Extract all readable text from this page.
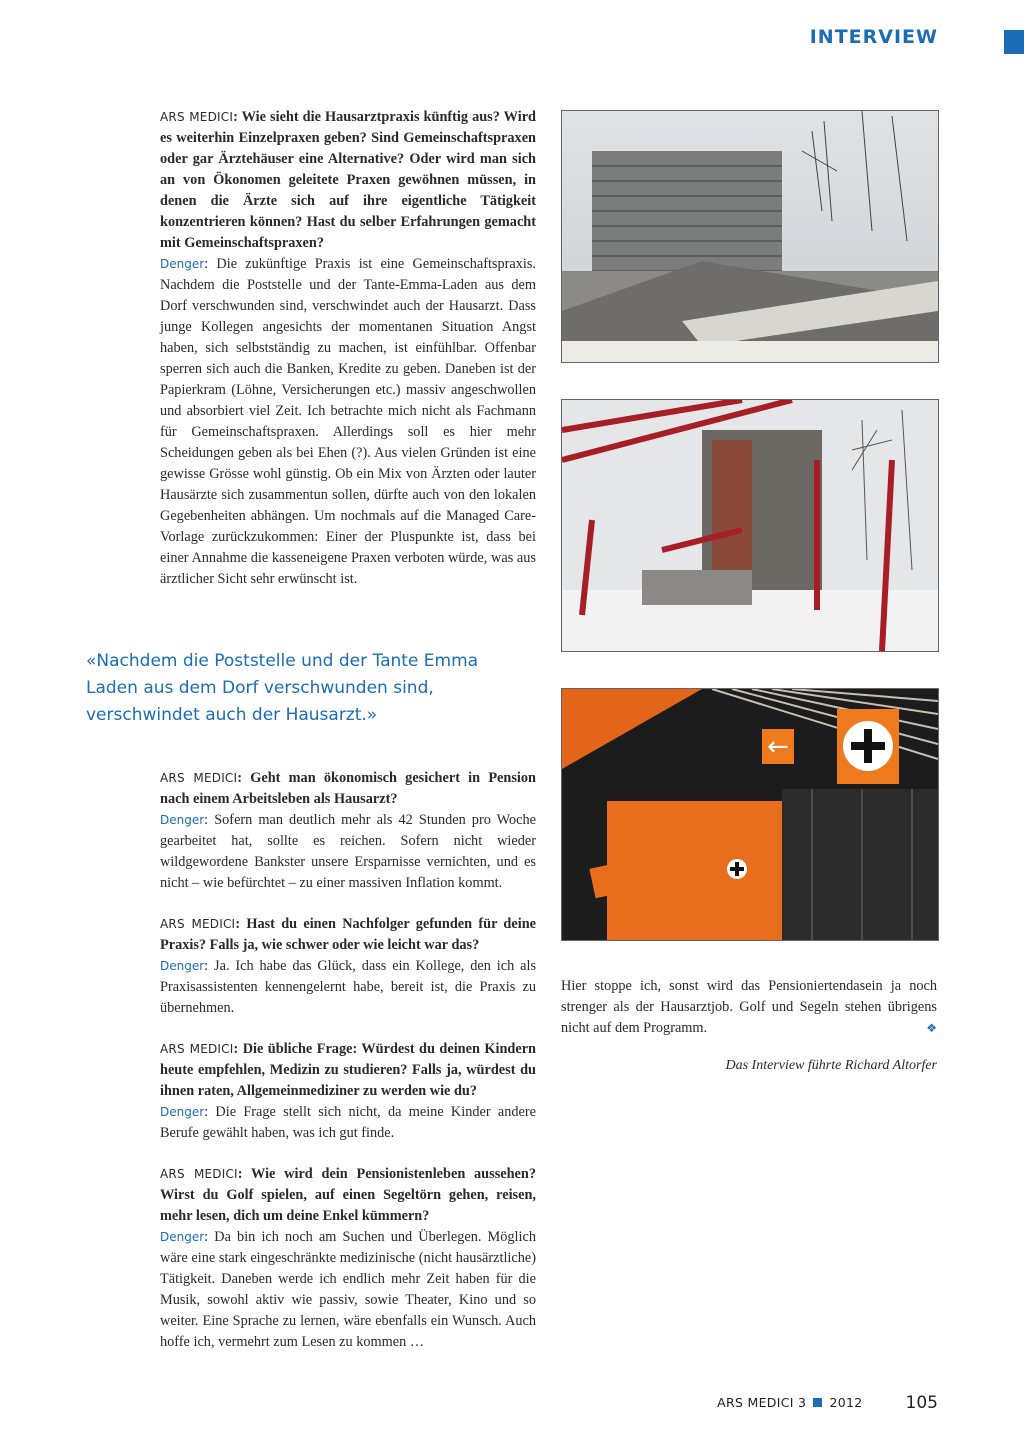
INTERVIEW

ARS MEDICI: Wie sieht die Hausarztpraxis künftig aus? Wird es weiterhin Einzelpraxen geben? Sind Gemeinschaftspraxen oder gar Ärztehäuser eine Alternative? Oder wird man sich an von Ökonomen geleitete Praxen gewöhnen müssen, in denen die Ärzte sich auf ihre eigentliche Tätigkeit konzentrieren können? Hast du selber Erfahrungen gemacht mit Gemeinschaftspraxen?
Denger: Die zukünftige Praxis ist eine Gemeinschaftspraxis. Nachdem die Poststelle und der Tante-Emma-Laden aus dem Dorf verschwunden sind, verschwindet auch der Hausarzt. Dass junge Kollegen angesichts der momentanen Situation Angst haben, sich selbstständig zu machen, ist einfühlbar. Offenbar sperren sich auch die Banken, Kredite zu geben. Daneben ist der Papierkram (Löhne, Versicherungen etc.) massiv angeschwollen und absorbiert viel Zeit. Ich betrachte mich nicht als Fachmann für Gemeinschaftspraxen. Allerdings soll es hier mehr Scheidungen geben als bei Ehen (?). Aus vielen Gründen ist eine gewisse Grösse wohl günstig. Ob ein Mix von Ärzten oder lauter Hausärzte sich zusammentun sollen, dürfte auch von den lokalen Gegebenheiten abhängen. Um nochmals auf die Managed Care-Vorlage zurückzukommen: Einer der Pluspunkte ist, dass bei einer Annahme die kasseneigene Praxen verboten würde, was aus ärztlicher Sicht sehr erwünscht ist.

«Nachdem die Poststelle und der Tante Emma Laden aus dem Dorf verschwunden sind, verschwindet auch der Hausarzt.»

ARS MEDICI: Geht man ökonomisch gesichert in Pension nach einem Arbeitsleben als Hausarzt?
Denger: Sofern man deutlich mehr als 42 Stunden pro Woche gearbeitet hat, sollte es reichen. Sofern nicht wieder wildgewordene Bankster unsere Ersparnisse vernichten, und es nicht – wie befürchtet – zu einer massiven Inflation kommt.

ARS MEDICI: Hast du einen Nachfolger gefunden für deine Praxis? Falls ja, wie schwer oder wie leicht war das?
Denger: Ja. Ich habe das Glück, dass ein Kollege, den ich als Praxisassistenten kennengelernt habe, bereit ist, die Praxis zu übernehmen.

ARS MEDICI: Die übliche Frage: Würdest du deinen Kindern heute empfehlen, Medizin zu studieren? Falls ja, würdest du ihnen raten, Allgemeinmediziner zu werden wie du?
Denger: Die Frage stellt sich nicht, da meine Kinder andere Berufe gewählt haben, was ich gut finde.

ARS MEDICI: Wie wird dein Pensionistenleben aussehen? Wirst du Golf spielen, auf einen Segeltörn gehen, reisen, mehr lesen, dich um deine Enkel kümmern?
Denger: Da bin ich noch am Suchen und Überlegen. Möglich wäre eine stark eingeschränkte medizinische (nicht hausärztliche) Tätigkeit. Daneben werde ich endlich mehr Zeit haben für die Musik, sowohl aktiv wie passiv, sowie Theater, Kino und so weiter. Eine Sprache zu lernen, wäre ebenfalls ein Wunsch. Auch hoffe ich, vermehrt zum Lesen zu kommen …

←
Hier stoppe ich, sonst wird das Pensioniertendasein ja noch strenger als der Hausarztjob. Golf und Segeln stehen übrigens nicht auf dem Programm.	❖
Das Interview führte Richard Altorfer
ARS MEDICI 3 2012	105
